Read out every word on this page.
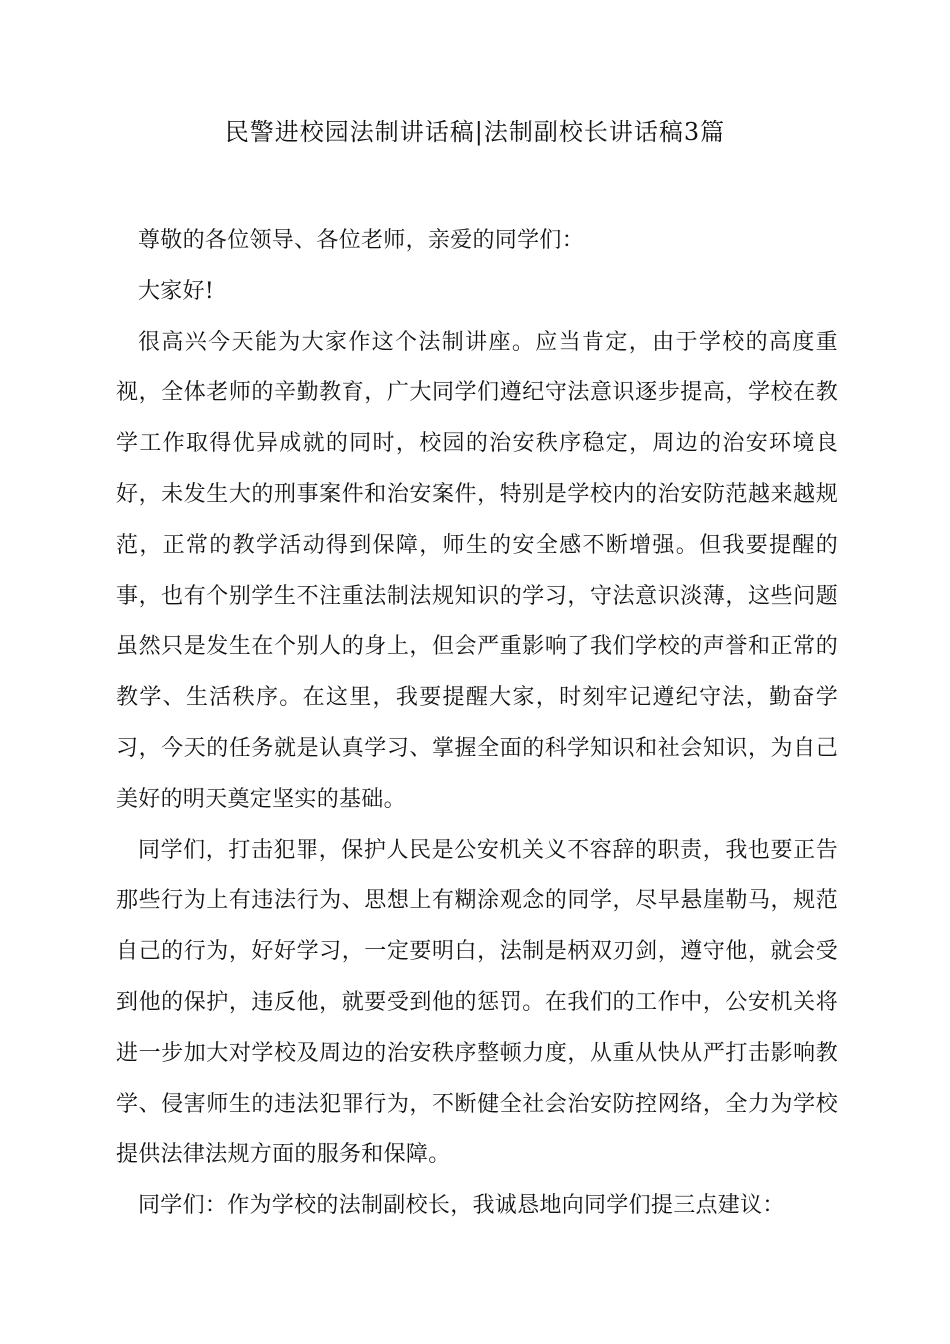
民警进校园法制讲话稿|法制副校长讲话稿3篇

尊敬的各位领导、各位老师，亲爱的同学们：

大家好!

很高兴今天能为大家作这个法制讲座。应当肯定，由于学校的高度重视，全体老师的辛勤教育，广大同学们遵纪守法意识逐步提高，学校在教学工作取得优异成就的同时，校园的治安秩序稳定，周边的治安环境良好，未发生大的刑事案件和治安案件，特别是学校内的治安防范越来越规范，正常的教学活动得到保障，师生的安全感不断增强。但我要提醒的事，也有个别学生不注重法制法规知识的学习，守法意识淡薄，这些问题虽然只是发生在个别人的身上，但会严重影响了我们学校的声誉和正常的教学、生活秩序。在这里，我要提醒大家，时刻牢记遵纪守法，勤奋学习，今天的任务就是认真学习、掌握全面的科学知识和社会知识，为自己美好的明天奠定坚实的基础。

同学们，打击犯罪，保护人民是公安机关义不容辞的职责，我也要正告那些行为上有违法行为、思想上有糊涂观念的同学，尽早悬崖勒马，规范自己的行为，好好学习，一定要明白，法制是柄双刃剑，遵守他，就会受到他的保护，违反他，就要受到他的惩罚。在我们的工作中，公安机关将进一步加大对学校及周边的治安秩序整顿力度，从重从快从严打击影响教学、侵害师生的违法犯罪行为，不断健全社会治安防控网络，全力为学校提供法律法规方面的服务和保障。

同学们：作为学校的法制副校长，我诚恳地向同学们提三点建议：
